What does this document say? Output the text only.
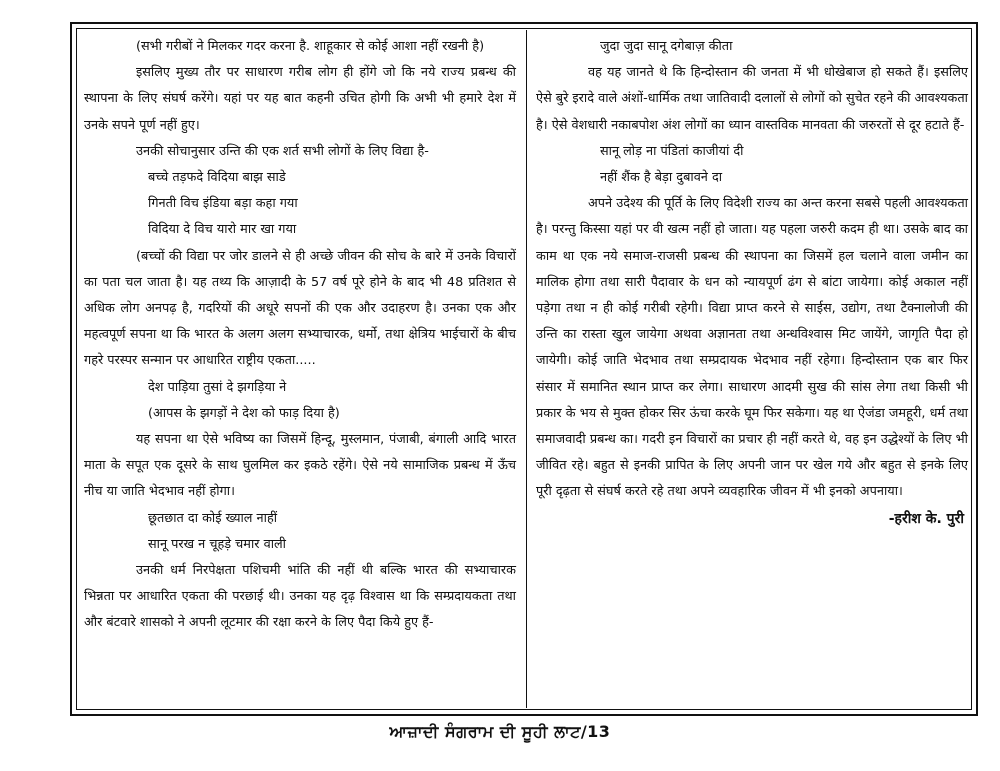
(सभी गरीबों ने मिलकर गदर करना है. शाहूकार से कोई आशा नहीं रखनी है)

इसलिए मुख्य तौर पर साधारण गरीब लोग ही होंगे जो कि नये राज्य प्रबन्ध की स्थापना के लिए संघर्ष करेंगे। यहां पर यह बात कहनी उचित होगी कि अभी भी हमारे देश में उनके सपने पूर्ण नहीं हुए।

उनकी सोचानुसार उन्ति की एक शर्त सभी लोगों के लिए विद्या है-

बच्चे तड़फदे विदिया बाझ साडे

गिनती विच इंडिया बड़ा कहा गया

विदिया दे विच यारो मार खा गया

(बच्चों की विद्या पर जोर डालने से ही अच्छे जीवन की सोच के बारे में उनके विचारों का पता चल जाता है। यह तथ्य कि आज़ादी के 57 वर्ष पूरे होने के बाद भी 48 प्रतिशत से अधिक लोग अनपढ़ है, गदरियों की अधूरे सपनों की एक और उदाहरण है। उनका एक और महत्वपूर्ण सपना था कि भारत के अलग अलग सभ्याचारक, धर्मो, तथा क्षेत्रिय भाईचारों के बीच गहरे परस्पर सन्मान पर आधारित राष्ट्रीय एकता.....

देश पाड़िया तुसां दे झगड़िया ने

(आपस के झगड़ों ने देश को फाड़ दिया है)

यह सपना था ऐसे भविष्य का जिसमें हिन्दू, मुस्लमान, पंजाबी, बंगाली आदि भारत माता के सपूत एक दूसरे के साथ घुलमिल कर इकठे रहेंगे। ऐसे नये सामाजिक प्रबन्ध में ऊँच नीच या जाति भेदभाव नहीं होगा।

छूतछात दा कोई ख्याल नाहीं

सानू परख न चूहड़े चमार वाली

उनकी धर्म निरपेक्षता पशिचमी भांति की नहीं थी बल्कि भारत की सभ्याचारक भिन्नता पर आधारित एकता की परछाई थी। उनका यह दृढ़ विश्वास था कि सम्प्रदायकता तथा और बंटवारे शासको ने अपनी लूटमार की रक्षा करने के लिए पैदा किये हुए हैं-

जुदा जुदा सानू दगेबाज़ कीता

वह यह जानते थे कि हिन्दोस्तान की जनता में भी धोखेबाज हो सकते हैं। इसलिए ऐसे बुरे इरादे वाले अंशों-धार्मिक तथा जातिवादी दलालों से लोगों को सुचेत रहने की आवश्यकता है। ऐसे वेशधारी नकाबपोश अंश लोगों का ध्यान वास्तविक मानवता की जरुरतों से दूर हटाते हैं-

सानू लोड़ ना पंडितां काजीयां दी

नहीं शैंक है बेड़ा दुबावने दा

अपने उदेश्य की पूर्ति के लिए विदेशी राज्य का अन्त करना सबसे पहली आवश्यकता है। परन्तु किस्सा यहां पर वी खत्म नहीं हो जाता। यह पहला जरुरी कदम ही था। उसके बाद का काम था एक नये समाज-राजसी प्रबन्ध की स्थापना का जिसमें हल चलाने वाला जमीन का मालिक होगा तथा सारी पैदावार के धन को न्यायपूर्ण ढंग से बांटा जायेगा। कोई अकाल नहीं पड़ेगा तथा न ही कोई गरीबी रहेगी। विद्या प्राप्त करने से साईस, उद्योग, तथा टैक्नालोजी की उन्ति का रास्ता खुल जायेगा अथवा अज्ञानता तथा अन्धविश्वास मिट जायेंगे, जागृति पैदा हो जायेगी। कोई जाति भेदभाव तथा सम्प्रदायक भेदभाव नहीं रहेगा। हिन्दोस्तान एक बार फिर संसार में समानित स्थान प्राप्त कर लेगा। साधारण आदमी सुख की सांस लेगा तथा किसी भी प्रकार के भय से मुक्त होकर सिर ऊंचा करके घूम फिर सकेगा। यह था ऐजंडा जमहूरी, धर्म तथा समाजवादी प्रबन्ध का। गदरी इन विचारों का प्रचार ही नहीं करते थे, वह इन उद्धेश्यों के लिए भी जीवित रहे। बहुत से इनकी प्रापित के लिए अपनी जान पर खेल गये और बहुत से इनके लिए पूरी दृढ़ता से संघर्ष करते रहे तथा अपने व्यवहारिक जीवन में भी इनको अपनाया।

-हरीश के. पुरी

ਆਜ਼ਾਦੀ ਸੰਗਰਾਮ ਦੀ ਸੂਹੀ ਲਾਟ/13
